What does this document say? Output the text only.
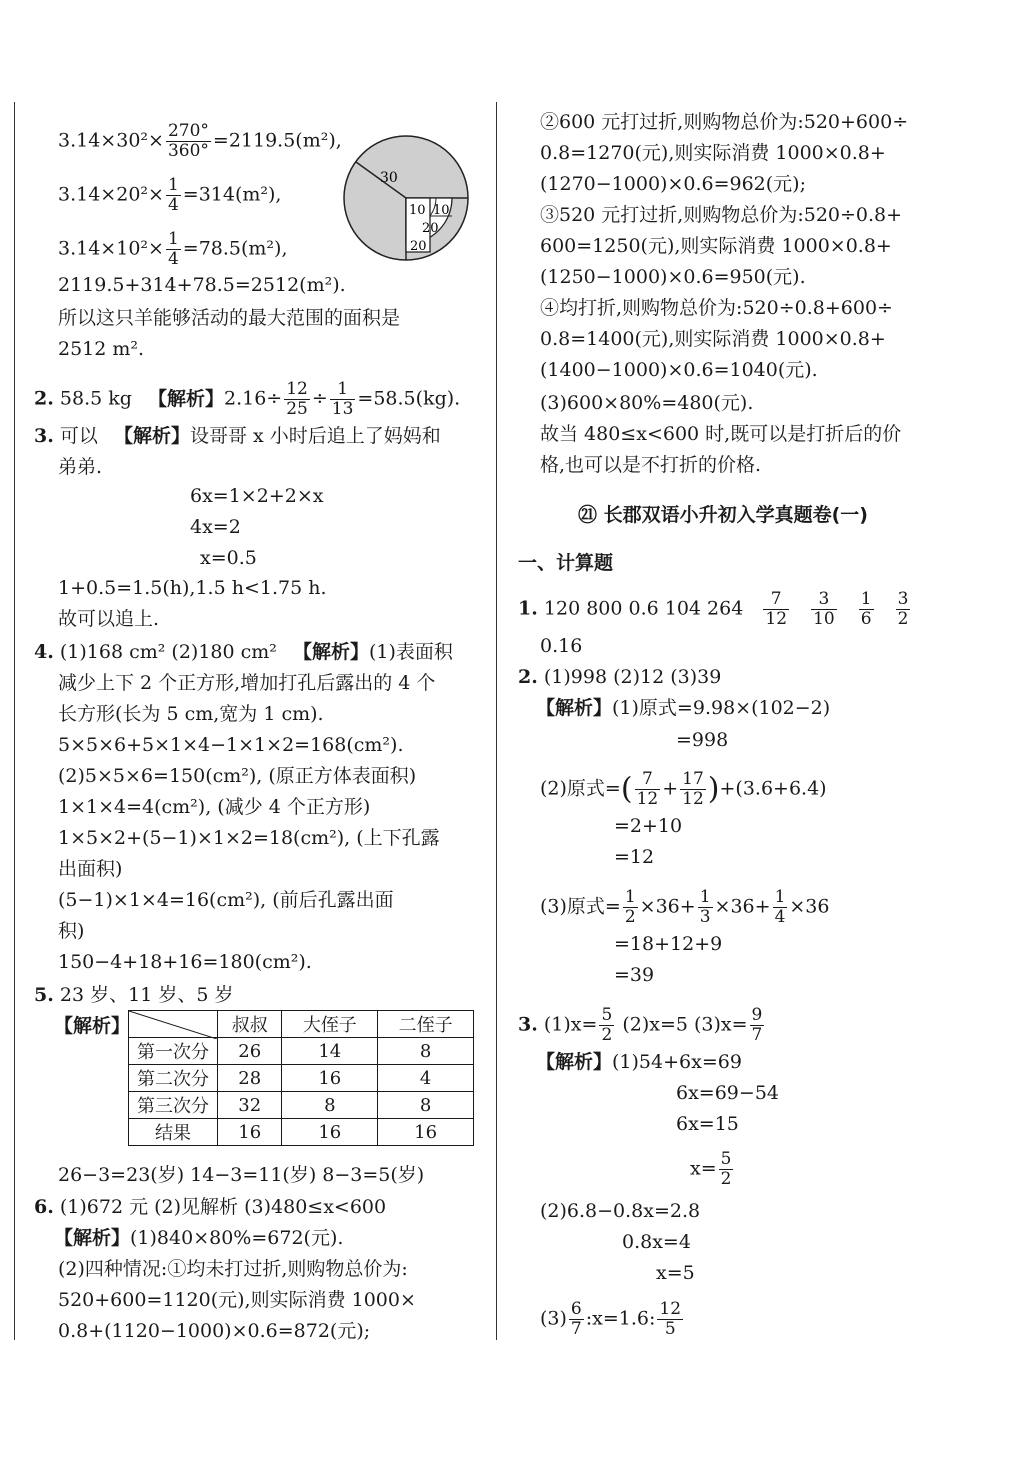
$3.14\times 30^2\times \frac{270^\circ}{360^\circ} =2119.5(m^2)$,
$3.14\times 20^2\times \frac{1}{4} =314(m^2)$,
$3.14\times 10^2\times \frac{1}{4} =78.5(m^2)$,
30
10 10
20
20
2119.5+314+78.5=2512(m²).
所以这只羊能够活动的最大范围的面积是
2512 m².
2. 58.5 kg 【解析】$2.16\div \frac{12}{25} \div \frac{1}{13} =58.5(kg)$.
3. 可以 【解析】设哥哥 x 小时后追上了妈妈和
弟弟.
6x=1×2+2×x
4x=2
x=0.5
1+0.5=1.5(h),1.5 h<1.75 h.
故可以追上.
4. (1)168 cm² (2)180 cm² 【解析】(1)表面积
减少上下 2 个正方形,增加打孔后露出的 4 个
长方形(长为 5 cm,宽为 1 cm).
5×5×6+5×1×4−1×1×2=168(cm²).
(2)5×5×6=150(cm²), (原正方体表面积)
1×1×4=4(cm²), (减少 4 个正方形)
1×5×2+(5−1)×1×2=18(cm²), (上下孔露
出面积)
(5−1)×1×4=16(cm²), (前后孔露出面
积)
150−4+18+16=180(cm²).
5. 23 岁、11 岁、5 岁
【解析】
		叔叔	大侄子	二侄子
第一次分	26	14	8
第二次分	28	16	4
第三次分	32	8	8
结果	16	16	16
26−3=23(岁) 14−3=11(岁) 8−3=5(岁)
6. (1)672 元 (2)见解析 (3)480≤x<600
【解析】(1)840×80%=672(元).
(2)四种情况:①均未打过折,则购物总价为:
520+600=1120(元),则实际消费 1000×
0.8+(1120−1000)×0.6=872(元);
②600 元打过折,则购物总价为:520+600÷
0.8=1270(元),则实际消费 1000×0.8+
(1270−1000)×0.6=962(元);
③520 元打过折,则购物总价为:520÷0.8+
600=1250(元),则实际消费 1000×0.8+
(1250−1000)×0.6=950(元).
④均打折,则购物总价为:520÷0.8+600÷
0.8=1400(元),则实际消费 1000×0.8+
(1400−1000)×0.6=1040(元).
(3)600×80%=480(元).
故当 480≤x<600 时,既可以是打折后的价
格,也可以是不打折的价格.
㉑ 长郡双语小升初入学真题卷(一)
一、计算题
1. 120 800 0.6 104 $264 \frac{7}{12}$
$\frac{3}{10}$
$\frac{1}{6}$
$\frac{3}{2}$
0.16
2. (1)998 (2)12 (3)39
【解析】(1)原式=9.98×(102−2)
=998
(2)原式=( $\frac{7}{12} + \frac{17}{12} )+(3.6+6.4)$
=2+10
=12
(3)原式= $\frac{1}{2} \times 36+ \frac{1}{3} \times 36+ \frac{1}{4} \times 36$
=18+12+9
=39
3. $(1)x= \frac{5}{2} (2)x=5$ $(3)x= \frac{9}{7}$
【解析】(1)54+6x=69
6x=69−54
6x=15
$x= \frac{5}{2}$
(2)6.8−0.8x=2.8
0.8x=4
x=5
$(3) \frac{6}{7}$ :x=1.6: $\frac{12}{5}$
